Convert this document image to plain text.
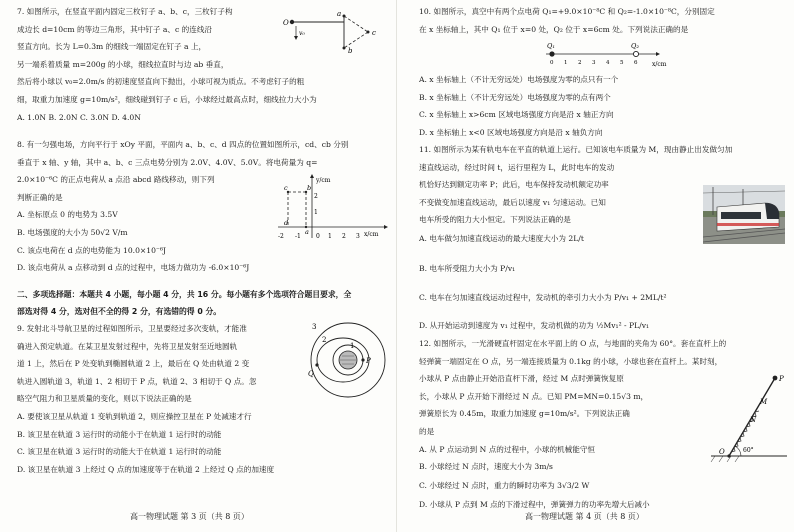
7. 如图所示，在竖直平面内固定三枚钉子 a、b、c，三枚钉子构
成边长 d=10cm 的等边三角形，其中钉子 a、c 的连线沿
竖直方向。长为 L=0.3m 的细线一端固定在钉子 a 上，
另一端系着质量 m=200g 的小球，细线拉直时与边 ab 垂直，
然后将小球以 v₀=2.0m/s 的初速度竖直向下抛出，小球可视为质点。不考虑钉子的粗
细，取重力加速度 g=10m/s²，细线碰到钉子 c 后，小球经过最高点时，细线拉力大小为
A. 1.0N B. 2.0N C. 3.0N D. 4.0N
O
v₀
a
c
b
8. 有一匀强电场，方向平行于 xOy 平面，平面内 a、b、c、d 四点的位置如图所示，cd、cb 分别
垂直于 x 轴、y 轴，其中 a、b、c 三点电势分别为 2.0V、4.0V、5.0V。将电荷量为 q=
2.0×10⁻⁶C 的正点电荷从 a 点沿 abcd 路线移动，则下列
判断正确的是
A. 坐标原点 0 的电势为 3.5V
B. 电场强度的大小为 50√2 V/m
C. 该点电荷在 d 点的电势能为 10.0×10⁻⁶J
D. 该点电荷从 a 点移动到 d 点的过程中，电场力做功为 -6.0×10⁻⁶J
y/cm
x/cm
c	b
d
a
2
1
-2 -1	0 1 2 3
二、多项选择题：本题共 4 小题，每小题 4 分，共 16 分。每小题有多个选项符合题目要求，全
部选对得 4 分，选对但不全的得 2 分，有选错的得 0 分。
9. 发射北斗导航卫星的过程如图所示，卫星要经过多次变轨，才能准
确进入预定轨道。在某卫星发射过程中，先将卫星发射至近地圆轨
道 1 上，然后在 P 处变轨到椭圆轨道 2 上，最后在 Q 处由轨道 2 变
轨进入圆轨道 3，轨道 1、2 相切于 P 点，轨道 2、3 相切于 Q 点。忽
略空气阻力和卫星质量的变化，则以下说法正确的是
A. 要使该卫星从轨道 1 变轨到轨道 2，则应操控卫星在 P 处减速才行
B. 该卫星在轨道 3 运行时的动能小于在轨道 1 运行时的动能
C. 该卫星在轨道 3 运行时的动能大于在轨道 1 运行时的动能
D. 该卫星在轨道 3 上经过 Q 点的加速度等于在轨道 2 上经过 Q 点的加速度
3
2
1
P
Q
高一物理试题 第 3 页（共 8 页）
10. 如图所示，真空中有两个点电荷 Q₁=+9.0×10⁻⁸C 和 Q₂=-1.0×10⁻⁸C，分别固定
在 x 坐标轴上，其中 Q₁ 位于 x=0 处，Q₂ 位于 x=6cm 处。下列说法正确的是
Q₁	Q₂
x/cm
0 1 2 3 4 5 6
A. x 坐标轴上（不计无穷远处）电场强度为零的点只有一个
B. x 坐标轴上（不计无穷远处）电场强度为零的点有两个
C. x 坐标轴上 x>6cm 区域电场强度方向是沿 x 轴正方向
D. x 坐标轴上 x<0 区域电场强度方向是沿 x 轴负方向
11. 如图所示为某有轨电车在平直的轨道上运行。已知该电车质量为 M，现由静止出发做匀加
速直线运动，经过时间 t，运行里程为 L，此时电车的发动
机恰好达到额定功率 P；此后，电车保持发动机额定功率
不变做变加速直线运动，最后以速度 v₁ 匀速运动。已知
电车所受的阻力大小恒定。下列说法正确的是
A. 电车做匀加速直线运动的最大速度大小为 2L/t
B. 电车所受阻力大小为 P/v₁
C. 电车在匀加速直线运动过程中，发动机的牵引力大小为 P/v₁ + 2ML/t²
D. 从开始运动到速度为 v₁ 过程中，发动机做的功为 ½Mv₁² - PL/v₁
12. 如图所示，一光滑硬直杆固定在水平面上的 O 点，与地面的夹角为 60°。套在直杆上的
轻弹簧一端固定在 O 点，另一端连接质量为 0.1kg 的小球，小球也套在直杆上。某时刻，
小球从 P 点由静止开始沿直杆下滑，经过 M 点时弹簧恢复原
长，小球从 P 点开始下滑经过 N 点。已知 PM=MN=0.15√3 m，
弹簧原长为 0.45m，取重力加速度 g=10m/s²。下列说法正确
的是
A. 从 P 点运动到 N 点的过程中，小球的机械能守恒
B. 小球经过 N 点时，速度大小为 3m/s
C. 小球经过 N 点时，重力的瞬时功率为 3√3/2 W
D. 小球从 P 点到 M 点的下滑过程中，弹簧弹力的功率先增大后减小
P
M
N
O	60°
高一物理试题 第 4 页（共 8 页）
